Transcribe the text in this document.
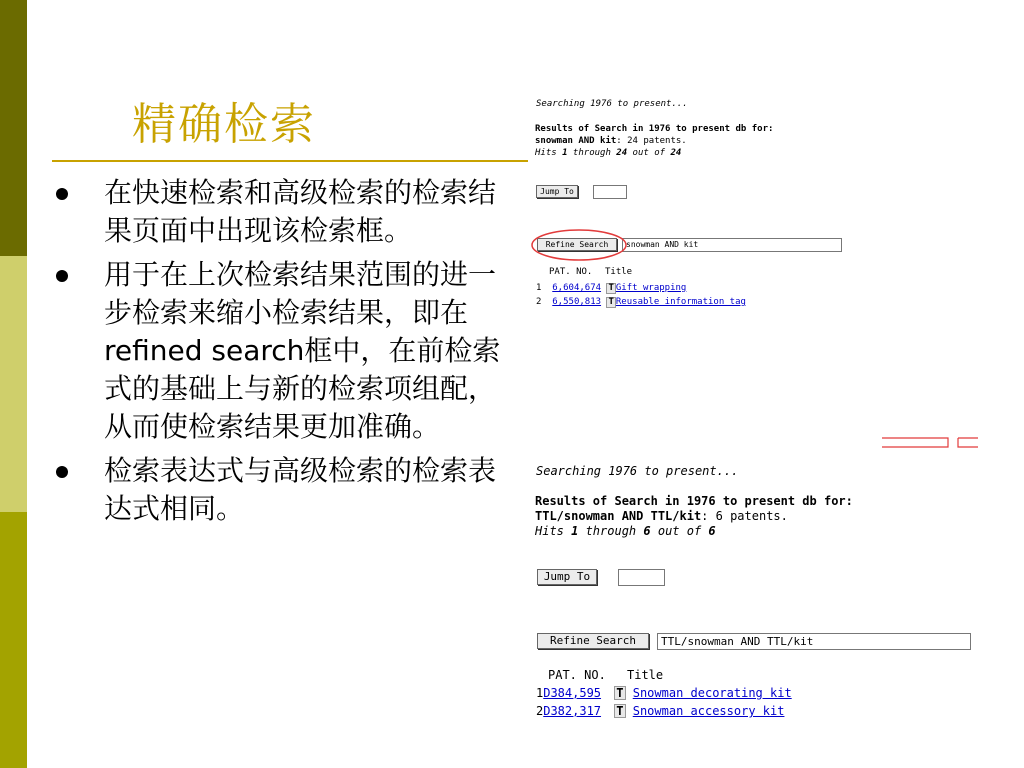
精确检索
在快速检索和高级检索的检索结果页面中出现该检索框。
用于在上次检索结果范围的进一步检索来缩小检索结果，即在refined search框中，在前检索式的基础上与新的检索项组配，从而使检索结果更加准确。
检索表达式与高级检索的检索表达式相同。
Searching 1976 to present...
Results of Search in 1976 to present db for:
snowman AND kit: 24 patents.
Hits 1 through 24 out of 24
Jump To
Refine Search	snowman AND kit
PAT. NO. Title
1 6,604,674 T Gift wrapping
2 6,550,813 T Reusable information tag
Searching 1976 to present...
Results of Search in 1976 to present db for:
TTL/snowman AND TTL/kit: 6 patents.
Hits 1 through 6 out of 6
Jump To
Refine Search	TTL/snowman AND TTL/kit
PAT. NO. Title
1D384,595 T Snowman decorating kit
2D382,317 T Snowman accessory kit
